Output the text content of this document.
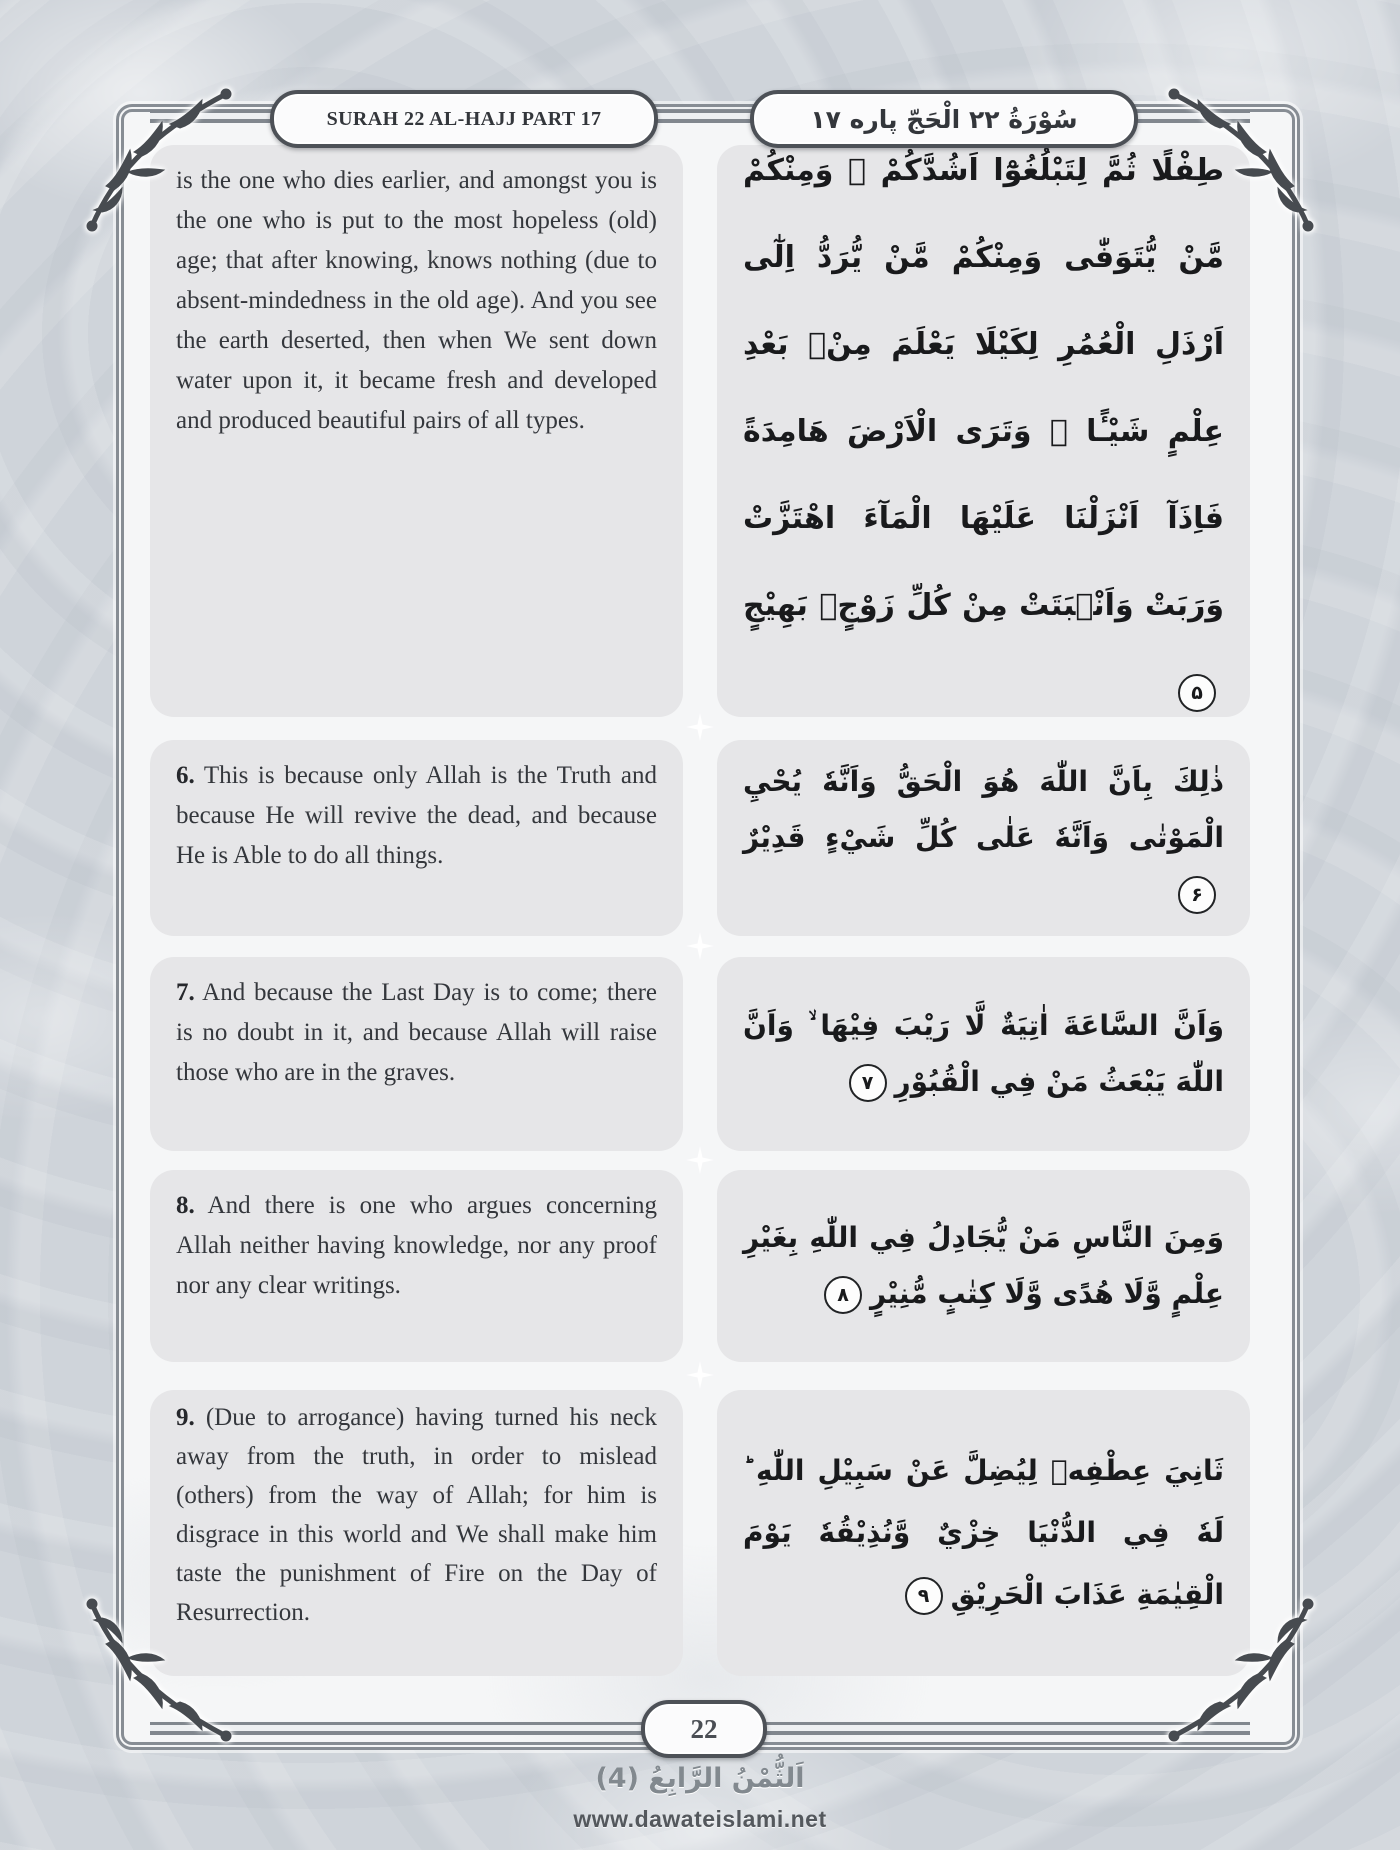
SURAH 22 AL-HAJJ PART 17	سُوْرَةُ ٢٢ الْحَجّ پاره ١٧
is the one who dies earlier, and amongst you is the one who is put to the most hopeless (old) age; that after knowing, knows nothing (due to absent-mindedness in the old age). And you see the earth deserted, then when We sent down water upon it, it became fresh and developed and produced beautiful pairs of all types.
طِفْلًا ثُمَّ لِتَبْلُغُوْٓا اَشُدَّكُمْ ۚ وَمِنْكُمْ مَّنْ يُّتَوَفّٰى وَمِنْكُمْ مَّنْ يُّرَدُّ اِلٰٓى اَرْذَلِ الْعُمُرِ لِكَيْلَا يَعْلَمَ مِنْۢ بَعْدِ عِلْمٍ شَيْـًٔا ۚ وَتَرَى الْاَرْضَ هَامِدَةً فَاِذَآ اَنْزَلْنَا عَلَيْهَا الْمَآءَ اهْتَزَّتْ وَرَبَتْ وَاَنْۢبَتَتْ مِنْ كُلِّ زَوْجٍۭ بَهِيْجٍ۵
6. This is because only Allah is the Truth and because He will revive the dead, and because He is Able to do all things.
ذٰلِكَ بِاَنَّ اللّٰهَ هُوَ الْحَقُّ وَاَنَّهٗ يُحْيِ الْمَوْتٰى وَاَنَّهٗ عَلٰى كُلِّ شَيْءٍ قَدِيْرٌ۶
7. And because the Last Day is to come; there is no doubt in it, and because Allah will raise those who are in the graves.
وَاَنَّ السَّاعَةَ اٰتِيَةٌ لَّا رَيْبَ فِيْهَا ۙ وَاَنَّ اللّٰهَ يَبْعَثُ مَنْ فِي الْقُبُوْرِ۷
8. And there is one who argues concerning Allah neither having knowledge, nor any proof nor any clear writings.
وَمِنَ النَّاسِ مَنْ يُّجَادِلُ فِي اللّٰهِ بِغَيْرِ عِلْمٍ وَّلَا هُدًى وَّلَا كِتٰبٍ مُّنِيْرٍ۸
9. (Due to arrogance) having turned his neck away from the truth, in order to mislead (others) from the way of Allah; for him is disgrace in this world and We shall make him taste the punishment of Fire on the Day of Resurrection.
ثَانِيَ عِطْفِهٖ لِيُضِلَّ عَنْ سَبِيْلِ اللّٰهِ ؕ لَهٗ فِي الدُّنْيَا خِزْيٌ وَّنُذِيْقُهٗ يَوْمَ الْقِيٰمَةِ عَذَابَ الْحَرِيْقِ۹
22
اَلثُّمْنُ الرَّابِعُ (4)
www.dawateislami.net
